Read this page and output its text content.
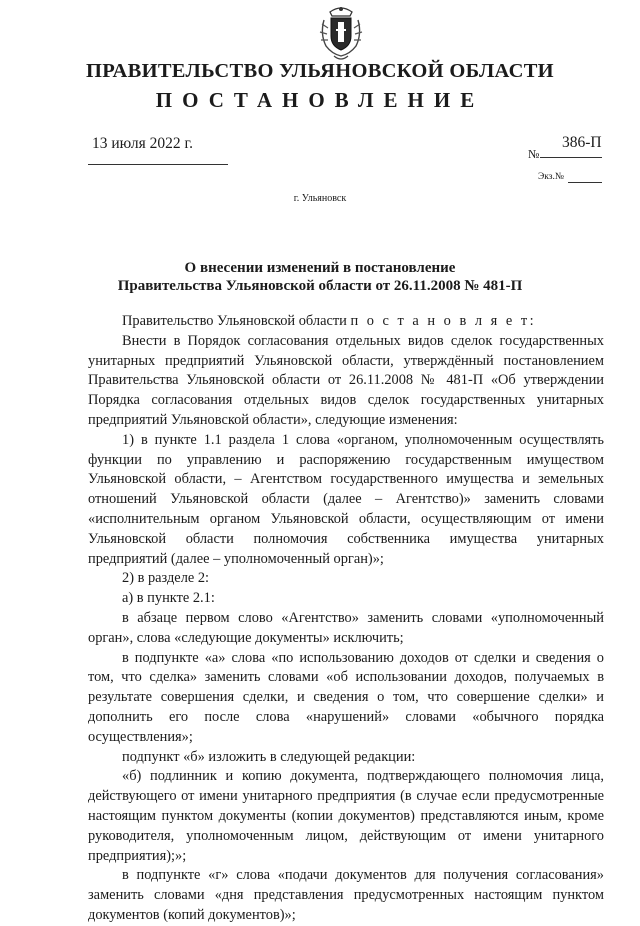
ПРАВИТЕЛЬСТВО УЛЬЯНОВСКОЙ ОБЛАСТИ
ПОСТАНОВЛЕНИЕ
13 июля 2022 г.
№
386-П
Экз.№
г. Ульяновск
О внесении изменений в постановление
Правительства Ульяновской области от 26.11.2008 № 481-П

Правительство Ульяновской области п о с т а н о в л я е т:

Внести в Порядок согласования отдельных видов сделок государственных унитарных предприятий Ульяновской области, утверждённый постановлением Правительства Ульяновской области от 26.11.2008 № 481-П «Об утверждении Порядка согласования отдельных видов сделок государственных унитарных предприятий Ульяновской области», следующие изменения:

1) в пункте 1.1 раздела 1 слова «органом, уполномоченным осуществлять функции по управлению и распоряжению государственным имуществом Ульяновской области, – Агентством государственного имущества и земельных отношений Ульяновской области (далее – Агентство)» заменить словами «исполнительным органом Ульяновской области, осуществляющим от имени Ульяновской области полномочия собственника имущества унитарных предприятий (далее – уполномоченный орган)»;

2) в разделе 2:

а) в пункте 2.1:

в абзаце первом слово «Агентство» заменить словами «уполномоченный орган», слова «следующие документы» исключить;

в подпункте «а» слова «по использованию доходов от сделки и сведения о том, что сделка» заменить словами «об использовании доходов, получаемых в результате совершения сделки, и сведения о том, что совершение сделки» и дополнить его после слова «нарушений» словами «обычного порядка осуществления»;

подпункт «б» изложить в следующей редакции:

«б) подлинник и копию документа, подтверждающего полномочия лица, действующего от имени унитарного предприятия (в случае если предусмотренные настоящим пунктом документы (копии документов) представляются иным, кроме руководителя, уполномоченным лицом, действующим от имени унитарного предприятия);»;

в подпункте «г» слова «подачи документов для получения согласования» заменить словами «дня представления предусмотренных настоящим пунктом документов (копий документов)»;
